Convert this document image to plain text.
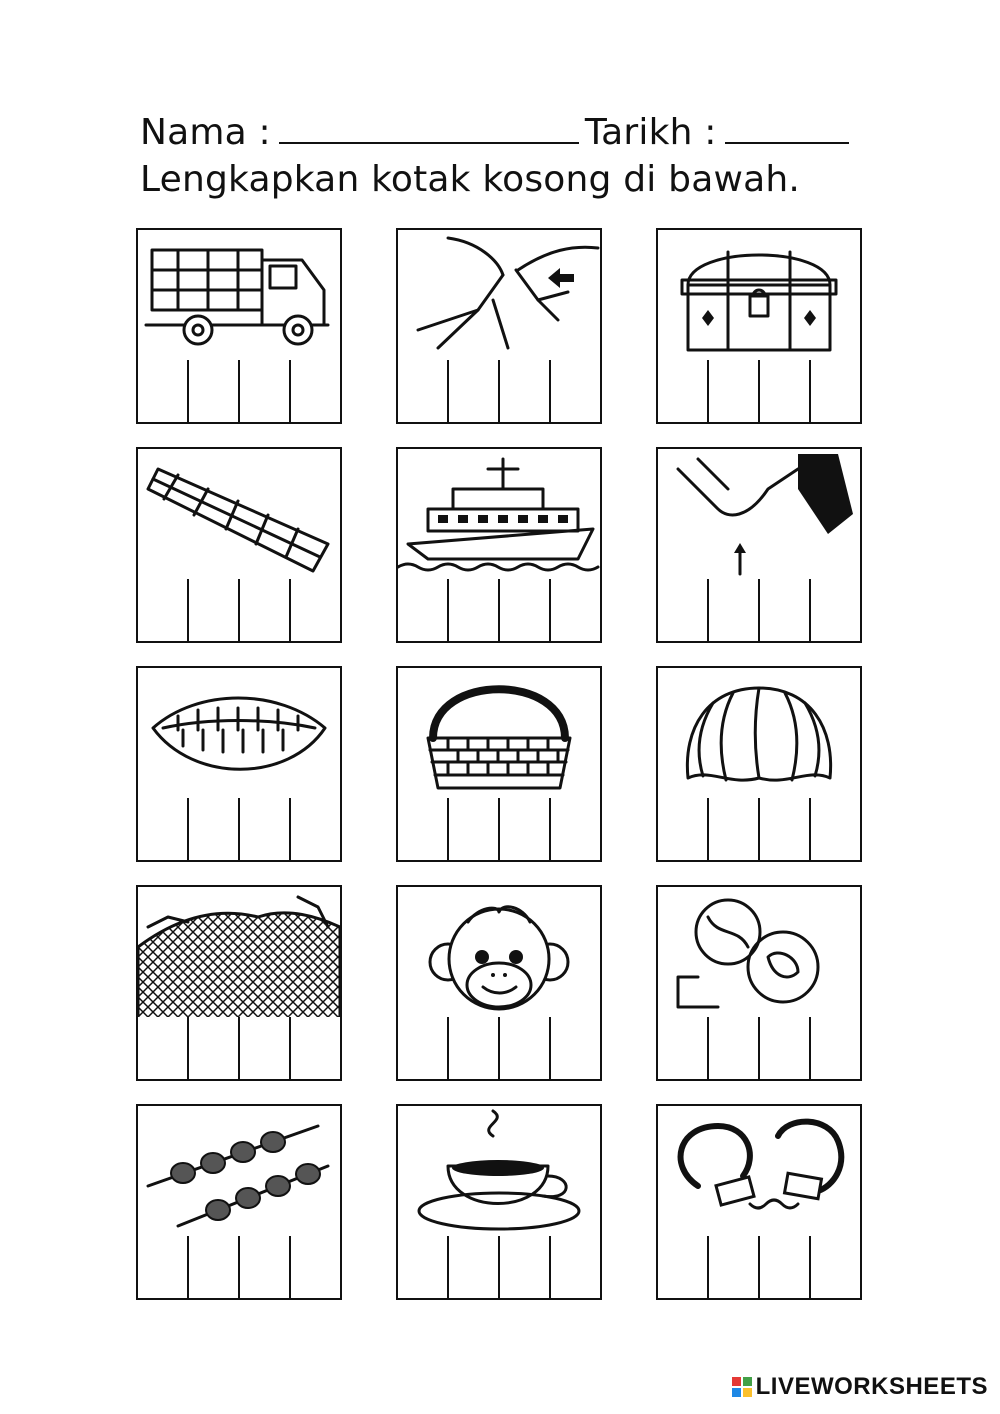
Nama :	Tarikh :
Lengkapkan kotak kosong di bawah.
LIVEWORKSHEETS
